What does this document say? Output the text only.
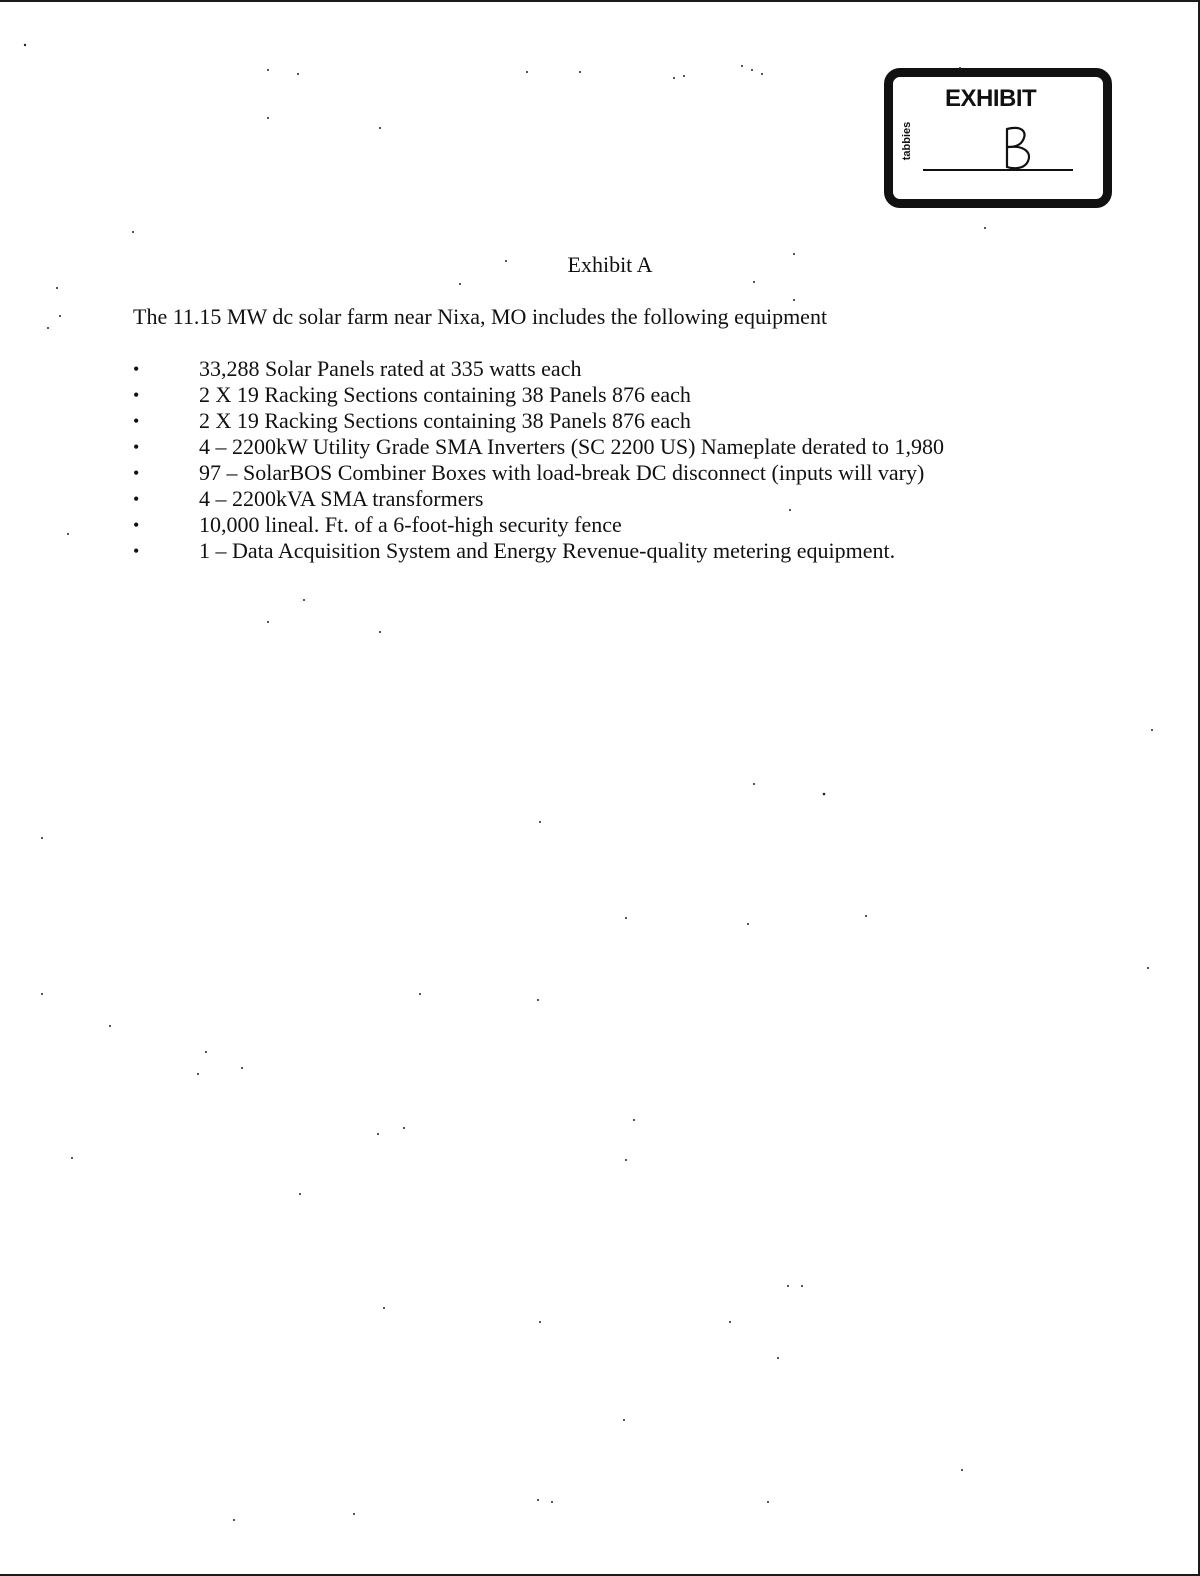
EXHIBIT
tabbies
Exhibit A
The 11.15 MW dc solar farm near Nixa, MO includes the following equipment
•	33,288 Solar Panels rated at 335 watts each
•	2 X 19 Racking Sections containing 38 Panels 876 each
•	2 X 19 Racking Sections containing 38 Panels 876 each
•	4 – 2200kW Utility Grade SMA Inverters (SC 2200 US) Nameplate derated to 1,980
•	97 – SolarBOS Combiner Boxes with load-break DC disconnect (inputs will vary)
•	4 – 2200kVA SMA transformers
•	10,000 lineal. Ft. of a 6-foot-high security fence
•	1 – Data Acquisition System and Energy Revenue-quality metering equipment.
